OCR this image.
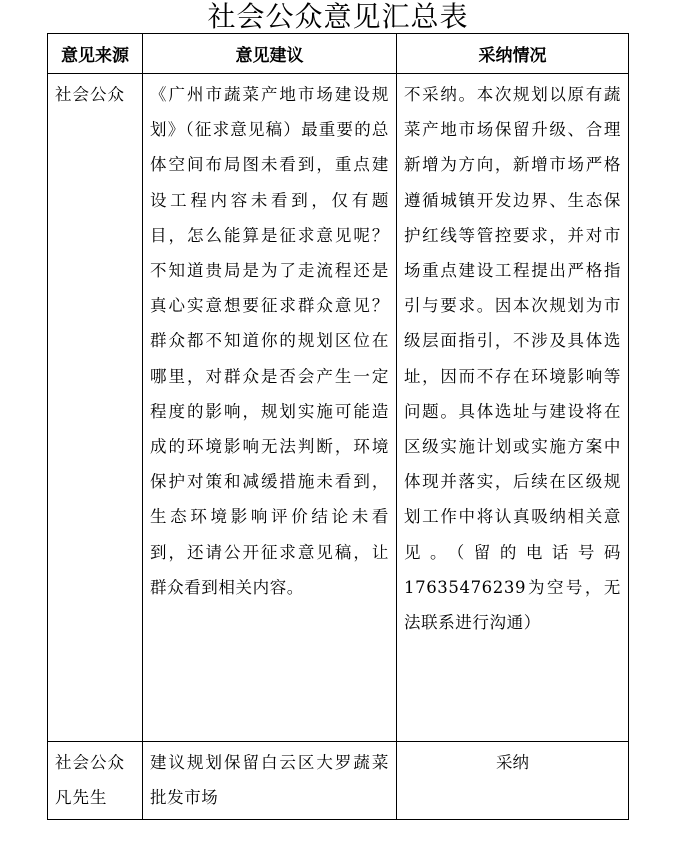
社会公众意见汇总表
意见来源	意见建议	采纳情况
社会公众	《广州市蔬菜产地市场建设规划》（征求意见稿）最重要的总体空间布局图未看到，重点建设工程内容未看到，仅有题目，怎么能算是征求意见呢？不知道贵局是为了走流程还是真心实意想要征求群众意见？群众都不知道你的规划区位在哪里，对群众是否会产生一定程度的影响，规划实施可能造成的环境影响无法判断，环境保护对策和减缓措施未看到，生态环境影响评价结论未看到，还请公开征求意见稿，让群众看到相关内容。	不采纳。本次规划以原有蔬菜产地市场保留升级、合理新增为方向，新增市场严格遵循城镇开发边界、生态保护红线等管控要求，并对市场重点建设工程提出严格指引与要求。因本次规划为市级层面指引，不涉及具体选址，因而不存在环境影响等问题。具体选址与建设将在区级实施计划或实施方案中体现并落实，后续在区级规划工作中将认真吸纳相关意见。（留的电话号码17635476239为空号，无法联系进行沟通）
社会公众凡先生	建议规划保留白云区大罗蔬菜批发市场	采纳
